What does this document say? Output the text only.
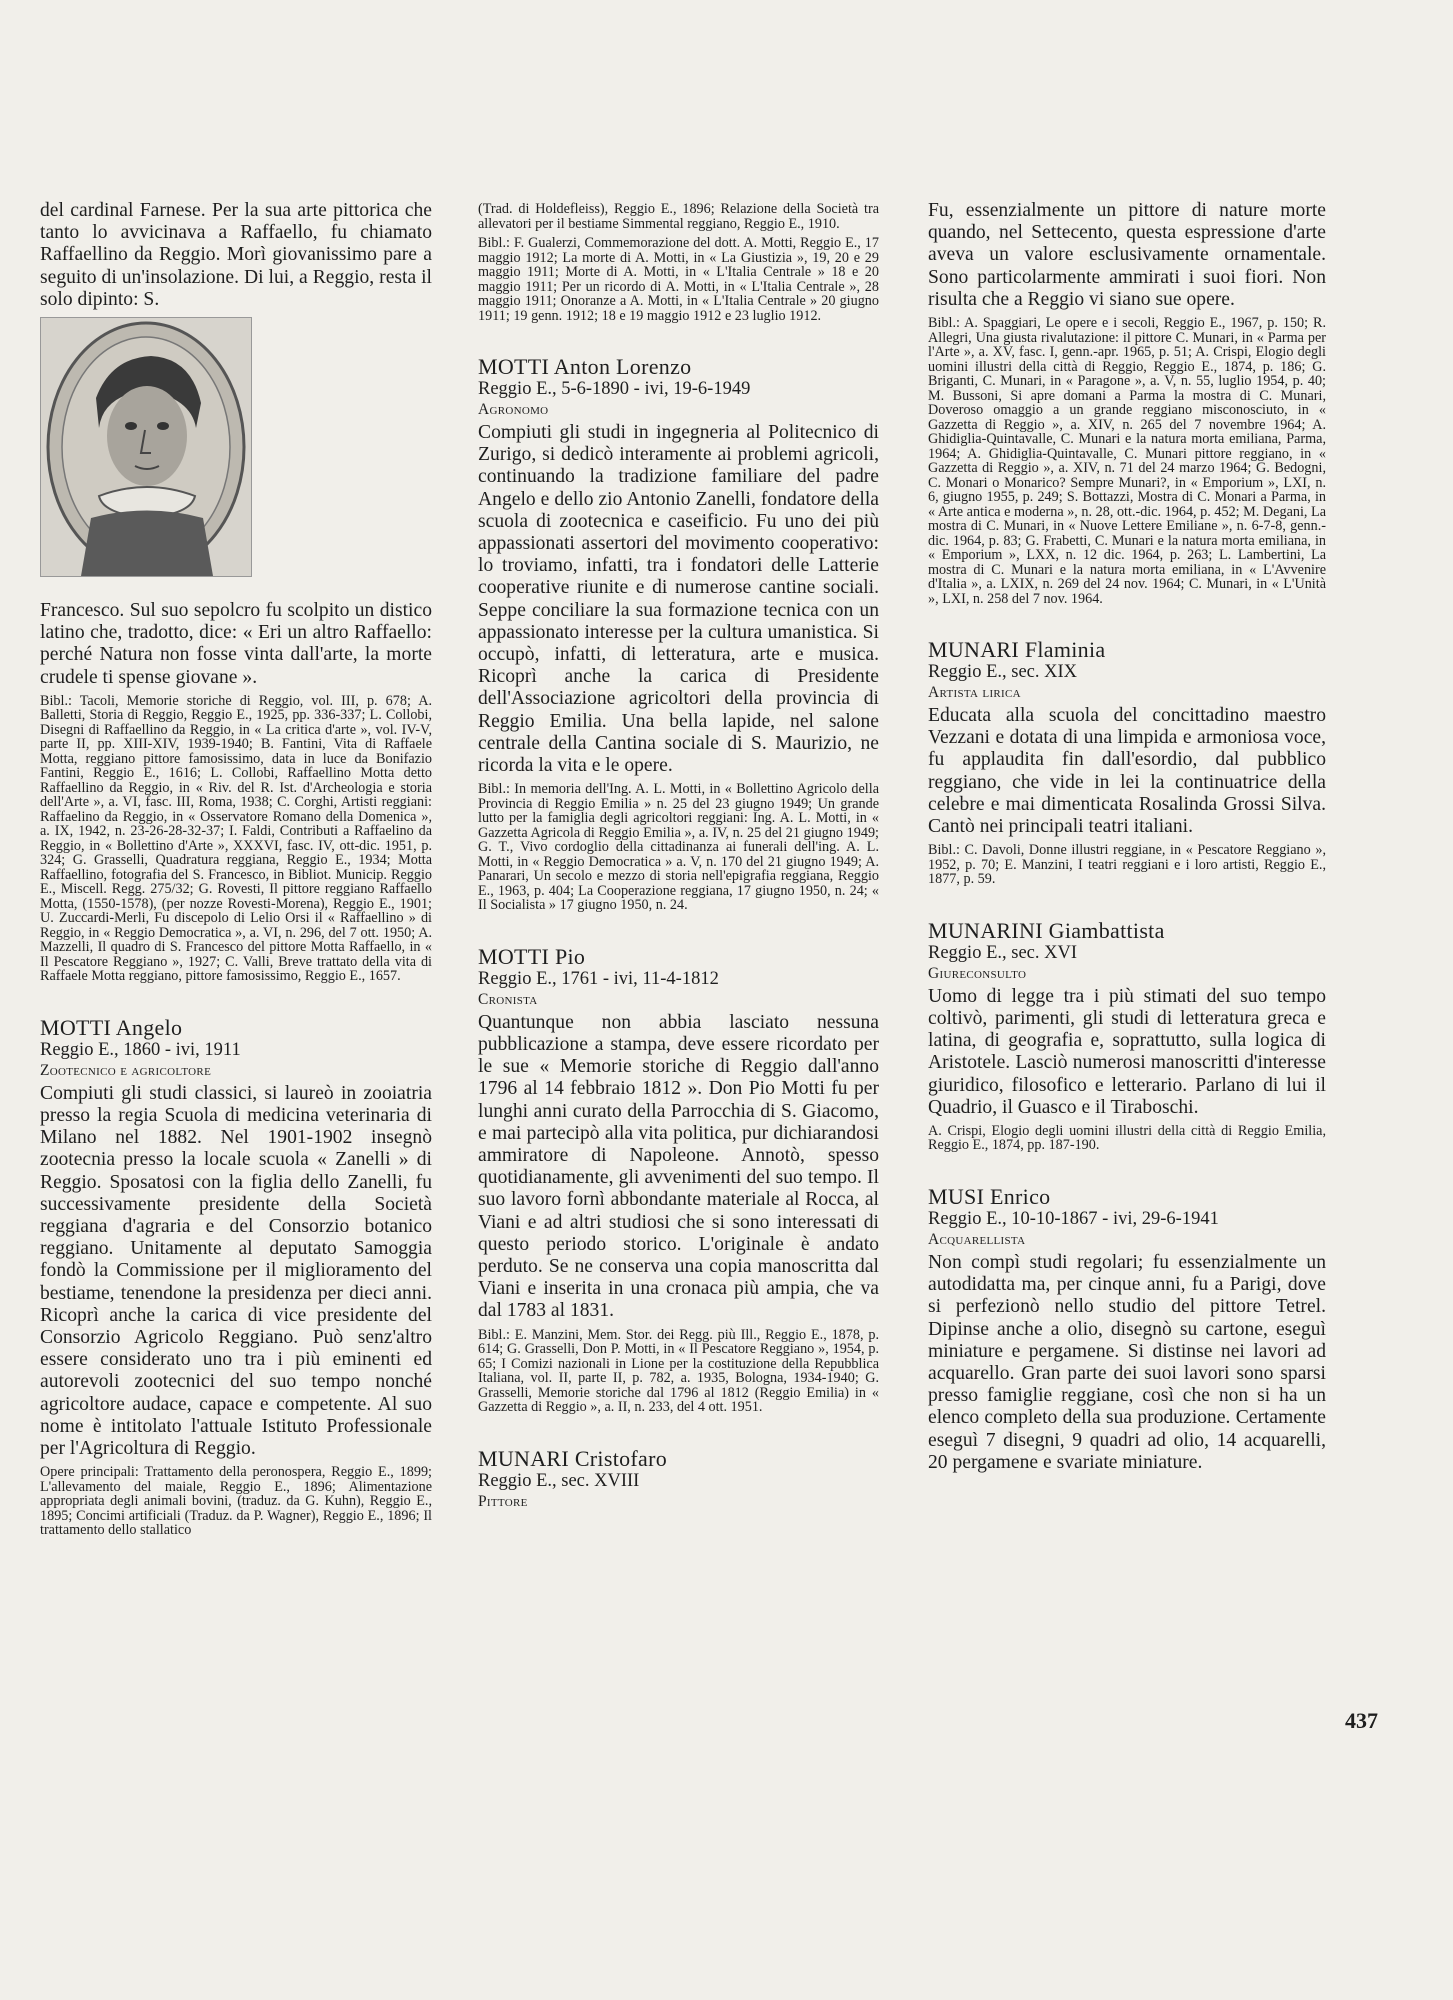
del cardinal Farnese. Per la sua arte pittorica che tanto lo avvicinava a Raffaello, fu chiamato Raffaellino da Reggio. Morì giovanissimo pare a seguito di un'insolazione. Di lui, a Reggio, resta il solo dipinto: S.

Francesco. Sul suo sepolcro fu scolpito un distico latino che, tradotto, dice: « Eri un altro Raffaello: perché Natura non fosse vinta dall'arte, la morte crudele ti spense giovane ».

Bibl.: Tacoli, Memorie storiche di Reggio, vol. III, p. 678; A. Balletti, Storia di Reggio, Reggio E., 1925, pp. 336-337; L. Collobi, Disegni di Raffaellino da Reggio, in « La critica d'arte », vol. IV-V, parte II, pp. XIII-XIV, 1939-1940; B. Fantini, Vita di Raffaele Motta, reggiano pittore famosissimo, data in luce da Bonifazio Fantini, Reggio E., 1616; L. Collobi, Raffaellino Motta detto Raffaellino da Reggio, in « Riv. del R. Ist. d'Archeologia e storia dell'Arte », a. VI, fasc. III, Roma, 1938; C. Corghi, Artisti reggiani: Raffaelino da Reggio, in « Osservatore Romano della Domenica », a. IX, 1942, n. 23-26-28-32-37; I. Faldi, Contributi a Raffaelino da Reggio, in « Bollettino d'Arte », XXXVI, fasc. IV, ott-dic. 1951, p. 324; G. Grasselli, Quadratura reggiana, Reggio E., 1934; Motta Raffaellino, fotografia del S. Francesco, in Bibliot. Municip. Reggio E., Miscell. Regg. 275/32; G. Rovesti, Il pittore reggiano Raffaello Motta, (1550-1578), (per nozze Rovesti-Morena), Reggio E., 1901; U. Zuccardi-Merli, Fu discepolo di Lelio Orsi il « Raffaellino » di Reggio, in « Reggio Democratica », a. VI, n. 296, del 7 ott. 1950; A. Mazzelli, Il quadro di S. Francesco del pittore Motta Raffaello, in « Il Pescatore Reggiano », 1927; C. Valli, Breve trattato della vita di Raffaele Motta reggiano, pittore famosissimo, Reggio E., 1657.

MOTTI Angelo
Reggio E., 1860 - ivi, 1911
Zootecnico e agricoltore

Compiuti gli studi classici, si laureò in zooiatria presso la regia Scuola di medicina veterinaria di Milano nel 1882. Nel 1901-1902 insegnò zootecnia presso la locale scuola « Zanelli » di Reggio. Sposatosi con la figlia dello Zanelli, fu successivamente presidente della Società reggiana d'agraria e del Consorzio botanico reggiano. Unitamente al deputato Samoggia fondò la Commissione per il miglioramento del bestiame, tenendone la presidenza per dieci anni. Ricoprì anche la carica di vice presidente del Consorzio Agricolo Reggiano. Può senz'altro essere considerato uno tra i più eminenti ed autorevoli zootecnici del suo tempo nonché agricoltore audace, capace e competente. Al suo nome è intitolato l'attuale Istituto Professionale per l'Agricoltura di Reggio.

Opere principali: Trattamento della peronospera, Reggio E., 1899; L'allevamento del maiale, Reggio E., 1896; Alimentazione appropriata degli animali bovini, (traduz. da G. Kuhn), Reggio E., 1895; Concimi artificiali (Traduz. da P. Wagner), Reggio E., 1896; Il trattamento dello stallatico

(Trad. di Holdefleiss), Reggio E., 1896; Relazione della Società tra allevatori per il bestiame Simmental reggiano, Reggio E., 1910.

Bibl.: F. Gualerzi, Commemorazione del dott. A. Motti, Reggio E., 17 maggio 1912; La morte di A. Motti, in « La Giustizia », 19, 20 e 29 maggio 1911; Morte di A. Motti, in « L'Italia Centrale » 18 e 20 maggio 1911; Per un ricordo di A. Motti, in « L'Italia Centrale », 28 maggio 1911; Onoranze a A. Motti, in « L'Italia Centrale » 20 giugno 1911; 19 genn. 1912; 18 e 19 maggio 1912 e 23 luglio 1912.

MOTTI Anton Lorenzo
Reggio E., 5-6-1890 - ivi, 19-6-1949
Agronomo

Compiuti gli studi in ingegneria al Politecnico di Zurigo, si dedicò interamente ai problemi agricoli, continuando la tradizione familiare del padre Angelo e dello zio Antonio Zanelli, fondatore della scuola di zootecnica e caseificio. Fu uno dei più appassionati assertori del movimento cooperativo: lo troviamo, infatti, tra i fondatori delle Latterie cooperative riunite e di numerose cantine sociali. Seppe conciliare la sua formazione tecnica con un appassionato interesse per la cultura umanistica. Si occupò, infatti, di letteratura, arte e musica. Ricoprì anche la carica di Presidente dell'Associazione agricoltori della provincia di Reggio Emilia. Una bella lapide, nel salone centrale della Cantina sociale di S. Maurizio, ne ricorda la vita e le opere.

Bibl.: In memoria dell'Ing. A. L. Motti, in « Bollettino Agricolo della Provincia di Reggio Emilia » n. 25 del 23 giugno 1949; Un grande lutto per la famiglia degli agricoltori reggiani: Ing. A. L. Motti, in « Gazzetta Agricola di Reggio Emilia », a. IV, n. 25 del 21 giugno 1949; G. T., Vivo cordoglio della cittadinanza ai funerali dell'ing. A. L. Motti, in « Reggio Democratica » a. V, n. 170 del 21 giugno 1949; A. Panarari, Un secolo e mezzo di storia nell'epigrafia reggiana, Reggio E., 1963, p. 404; La Cooperazione reggiana, 17 giugno 1950, n. 24; « Il Socialista » 17 giugno 1950, n. 24.

MOTTI Pio
Reggio E., 1761 - ivi, 11-4-1812
Cronista

Quantunque non abbia lasciato nessuna pubblicazione a stampa, deve essere ricordato per le sue « Memorie storiche di Reggio dall'anno 1796 al 14 febbraio 1812 ». Don Pio Motti fu per lunghi anni curato della Parrocchia di S. Giacomo, e mai partecipò alla vita politica, pur dichiarandosi ammiratore di Napoleone. Annotò, spesso quotidianamente, gli avvenimenti del suo tempo. Il suo lavoro fornì abbondante materiale al Rocca, al Viani e ad altri studiosi che si sono interessati di questo periodo storico. L'originale è andato perduto. Se ne conserva una copia manoscritta dal Viani e inserita in una cronaca più ampia, che va dal 1783 al 1831.

Bibl.: E. Manzini, Mem. Stor. dei Regg. più Ill., Reggio E., 1878, p. 614; G. Grasselli, Don P. Motti, in « Il Pescatore Reggiano », 1954, p. 65; I Comizi nazionali in Lione per la costituzione della Repubblica Italiana, vol. II, parte II, p. 782, a. 1935, Bologna, 1934-1940; G. Grasselli, Memorie storiche dal 1796 al 1812 (Reggio Emilia) in « Gazzetta di Reggio », a. II, n. 233, del 4 ott. 1951.

MUNARI Cristofaro
Reggio E., sec. XVIII
Pittore

Fu, essenzialmente un pittore di nature morte quando, nel Settecento, questa espressione d'arte aveva un valore esclusivamente ornamentale. Sono particolarmente ammirati i suoi fiori. Non risulta che a Reggio vi siano sue opere.

Bibl.: A. Spaggiari, Le opere e i secoli, Reggio E., 1967, p. 150; R. Allegri, Una giusta rivalutazione: il pittore C. Munari, in « Parma per l'Arte », a. XV, fasc. I, genn.-apr. 1965, p. 51; A. Crispi, Elogio degli uomini illustri della città di Reggio, Reggio E., 1874, p. 186; G. Briganti, C. Munari, in « Paragone », a. V, n. 55, luglio 1954, p. 40; M. Bussoni, Si apre domani a Parma la mostra di C. Munari, Doveroso omaggio a un grande reggiano misconosciuto, in « Gazzetta di Reggio », a. XIV, n. 265 del 7 novembre 1964; A. Ghidiglia-Quintavalle, C. Munari e la natura morta emiliana, Parma, 1964; A. Ghidiglia-Quintavalle, C. Munari pittore reggiano, in « Gazzetta di Reggio », a. XIV, n. 71 del 24 marzo 1964; G. Bedogni, C. Monari o Monarico? Sempre Munari?, in « Emporium », LXI, n. 6, giugno 1955, p. 249; S. Bottazzi, Mostra di C. Monari a Parma, in « Arte antica e moderna », n. 28, ott.-dic. 1964, p. 452; M. Degani, La mostra di C. Munari, in « Nuove Lettere Emiliane », n. 6-7-8, genn.-dic. 1964, p. 83; G. Frabetti, C. Munari e la natura morta emiliana, in « Emporium », LXX, n. 12 dic. 1964, p. 263; L. Lambertini, La mostra di C. Munari e la natura morta emiliana, in « L'Avvenire d'Italia », a. LXIX, n. 269 del 24 nov. 1964; C. Munari, in « L'Unità », LXI, n. 258 del 7 nov. 1964.

MUNARI Flaminia
Reggio E., sec. XIX
Artista lirica

Educata alla scuola del concittadino maestro Vezzani e dotata di una limpida e armoniosa voce, fu applaudita fin dall'esordio, dal pubblico reggiano, che vide in lei la continuatrice della celebre e mai dimenticata Rosalinda Grossi Silva. Cantò nei principali teatri italiani.

Bibl.: C. Davoli, Donne illustri reggiane, in « Pescatore Reggiano », 1952, p. 70; E. Manzini, I teatri reggiani e i loro artisti, Reggio E., 1877, p. 59.

MUNARINI Giambattista
Reggio E., sec. XVI
Giureconsulto

Uomo di legge tra i più stimati del suo tempo coltivò, parimenti, gli studi di letteratura greca e latina, di geografia e, soprattutto, sulla logica di Aristotele. Lasciò numerosi manoscritti d'interesse giuridico, filosofico e letterario. Parlano di lui il Quadrio, il Guasco e il Tiraboschi.

A. Crispi, Elogio degli uomini illustri della città di Reggio Emilia, Reggio E., 1874, pp. 187-190.

MUSI Enrico
Reggio E., 10-10-1867 - ivi, 29-6-1941
Acquarellista

Non compì studi regolari; fu essenzialmente un autodidatta ma, per cinque anni, fu a Parigi, dove si perfezionò nello studio del pittore Tetrel. Dipinse anche a olio, disegnò su cartone, eseguì miniature e pergamene. Si distinse nei lavori ad acquarello. Gran parte dei suoi lavori sono sparsi presso famiglie reggiane, così che non si ha un elenco completo della sua produzione. Certamente eseguì 7 disegni, 9 quadri ad olio, 14 acquarelli, 20 pergamene e svariate miniature.

437
